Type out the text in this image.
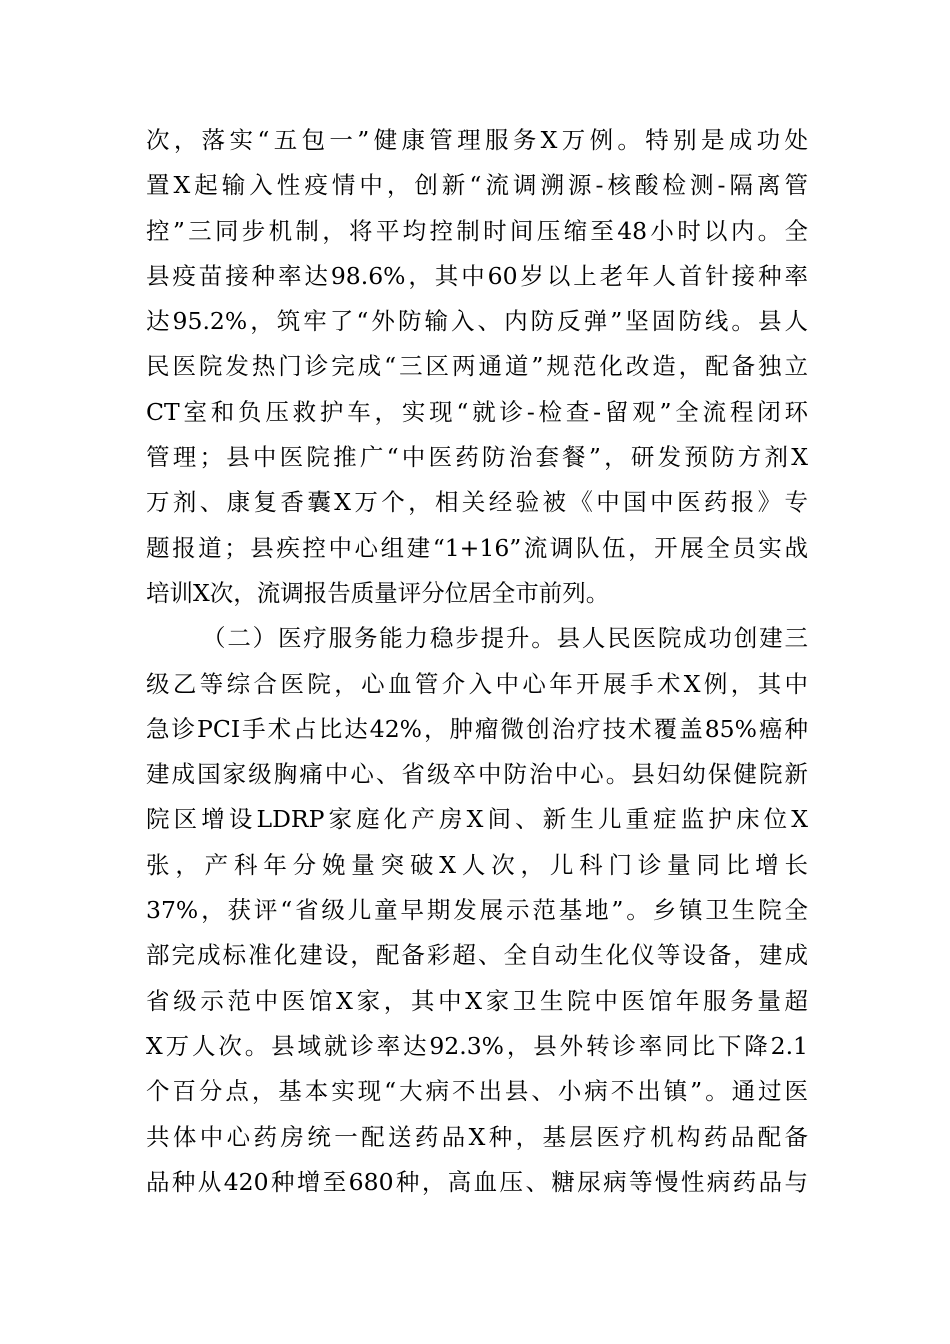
次，落实“五包一”健康管理服务X万例。特别是成功处
置X起输入性疫情中，创新“流调溯源-核酸检测-隔离管
控”三同步机制，将平均控制时间压缩至48小时以内。全
县疫苗接种率达98.6%，其中60岁以上老年人首针接种率
达95.2%，筑牢了“外防输入、内防反弹”坚固防线。县人
民医院发热门诊完成“三区两通道”规范化改造，配备独立
CT室和负压救护车，实现“就诊-检查-留观”全流程闭环
管理；县中医院推广“中医药防治套餐”，研发预防方剂X
万剂、康复香囊X万个，相关经验被《中国中医药报》专
题报道；县疾控中心组建“1+16”流调队伍，开展全员实战
培训X次，流调报告质量评分位居全市前列。
（二）医疗服务能力稳步提升。县人民医院成功创建三
级乙等综合医院，心血管介入中心年开展手术X例，其中
急诊PCI手术占比达42%，肿瘤微创治疗技术覆盖85%癌种
建成国家级胸痛中心、省级卒中防治中心。县妇幼保健院新
院区增设LDRP家庭化产房X间、新生儿重症监护床位X
张，产科年分娩量突破X人次，儿科门诊量同比增长
37%，获评“省级儿童早期发展示范基地”。乡镇卫生院全
部完成标准化建设，配备彩超、全自动生化仪等设备，建成
省级示范中医馆X家，其中X家卫生院中医馆年服务量超
X万人次。县域就诊率达92.3%，县外转诊率同比下降2.1
个百分点，基本实现“大病不出县、小病不出镇”。通过医
共体中心药房统一配送药品X种，基层医疗机构药品配备
品种从420种增至680种，高血压、糖尿病等慢性病药品与
